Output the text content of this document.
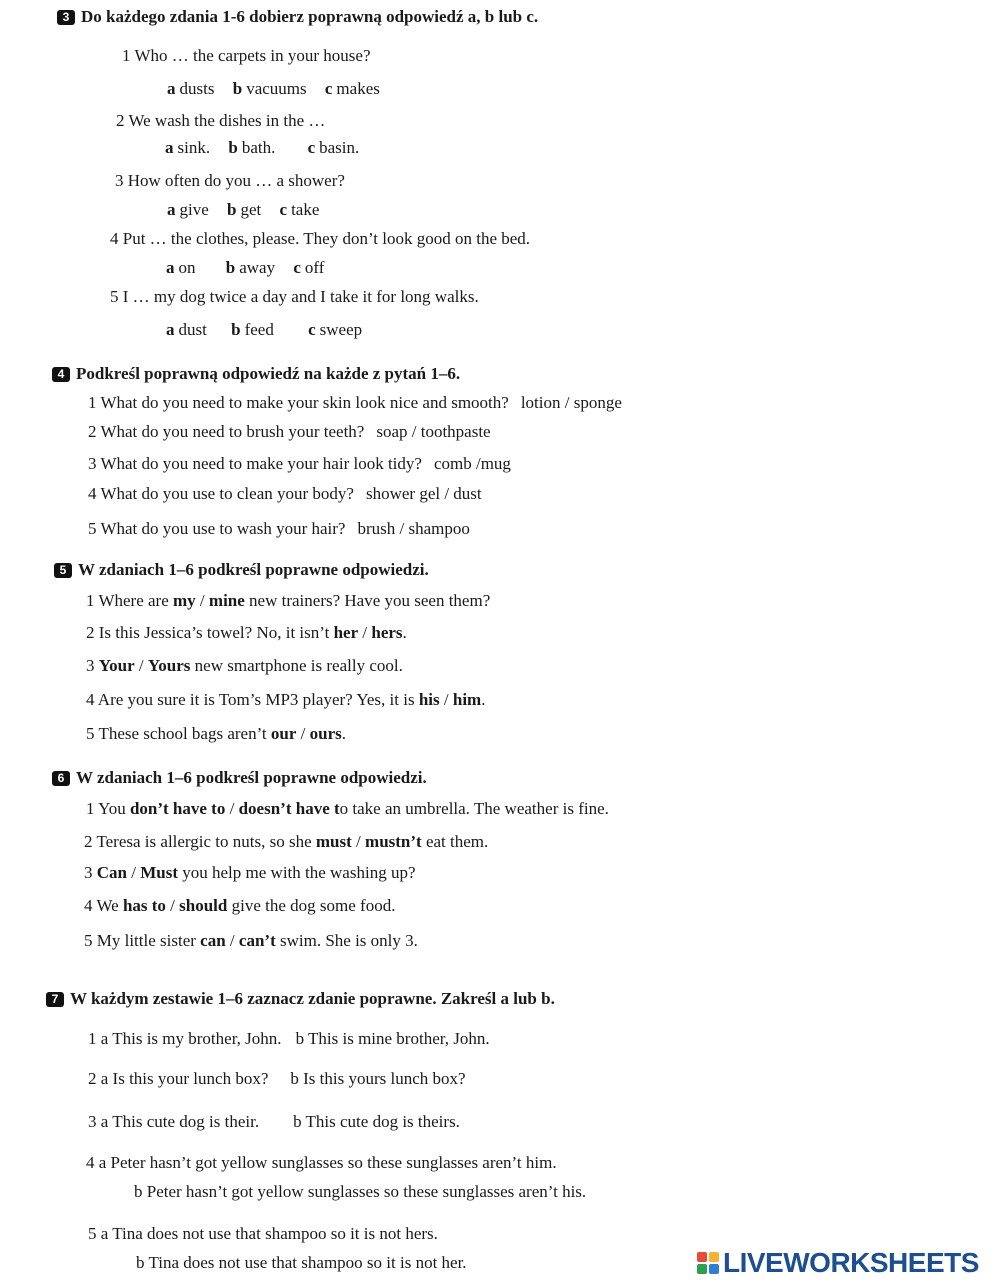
3 Do każdego zdania 1-6 dobierz poprawną odpowiedź a, b lub c.
1 Who … the carpets in your house?
a dusts b vacuums c makes
2 We wash the dishes in the …
a sink. b bath. c basin.
3 How often do you … a shower?
a give b get c take
4 Put … the clothes, please. They don’t look good on the bed.
a on b away c off
5 I … my dog twice a day and I take it for long walks.
a dust b feed c sweep
4 Podkreśl poprawną odpowiedź na każde z pytań 1–6.
1 What do you need to make your skin look nice and smooth? lotion / sponge
2 What do you need to brush your teeth? soap / toothpaste
3 What do you need to make your hair look tidy? comb /mug
4 What do you use to clean your body? shower gel / dust
5 What do you use to wash your hair? brush / shampoo
5 W zdaniach 1–6 podkreśl poprawne odpowiedzi.
1 Where are my / mine new trainers? Have you seen them?
2 Is this Jessica’s towel? No, it isn’t her / hers.
3 Your / Yours new smartphone is really cool.
4 Are you sure it is Tom’s MP3 player? Yes, it is his / him.
5 These school bags aren’t our / ours.
6 W zdaniach 1–6 podkreśl poprawne odpowiedzi.
1 You don’t have to / doesn’t have to take an umbrella. The weather is fine.
2 Teresa is allergic to nuts, so she must / mustn’t eat them.
3 Can / Must you help me with the washing up?
4 We has to / should give the dog some food.
5 My little sister can / can’t swim. She is only 3.
7 W każdym zestawie 1–6 zaznacz zdanie poprawne. Zakreśl a lub b.
1 a This is my brother, John. b This is mine brother, John.
2 a Is this your lunch box? b Is this yours lunch box?
3 a This cute dog is their. b This cute dog is theirs.
4 a Peter hasn’t got yellow sunglasses so these sunglasses aren’t him.
b Peter hasn’t got yellow sunglasses so these sunglasses aren’t his.
5 a Tina does not use that shampoo so it is not hers.
b Tina does not use that shampoo so it is not her.	LIVEWORKSHEETS
